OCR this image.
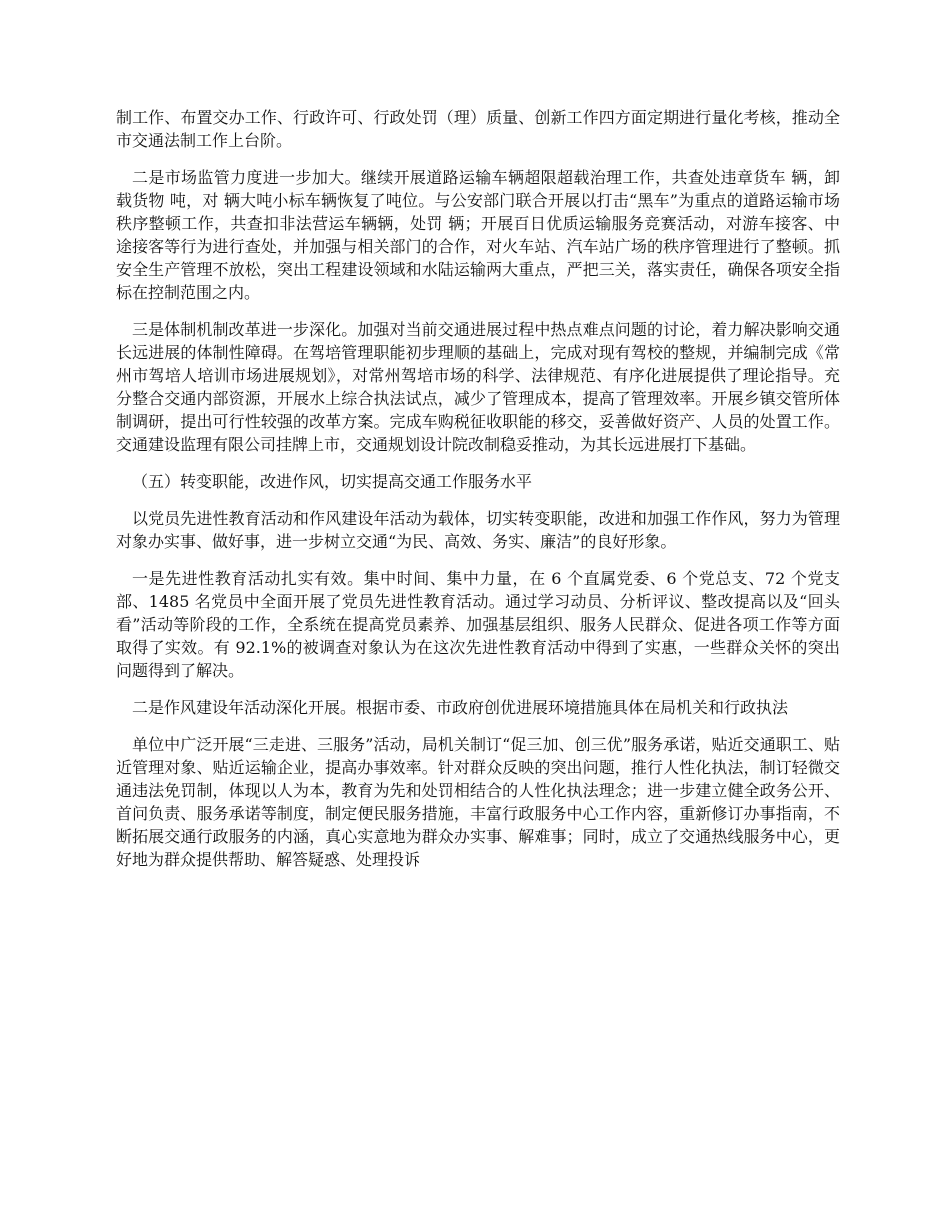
制工作、布置交办工作、行政许可、行政处罚（理）质量、创新工作四方面定期进行量化考核，推动全市交通法制工作上台阶。

二是市场监管力度进一步加大。继续开展道路运输车辆超限超载治理工作，共查处违章货车 辆，卸载货物 吨，对 辆大吨小标车辆恢复了吨位。与公安部门联合开展以打击“黑车”为重点的道路运输市场秩序整顿工作，共查扣非法营运车辆辆，处罚 辆；开展百日优质运输服务竞赛活动，对游车接客、中途接客等行为进行查处，并加强与相关部门的合作，对火车站、汽车站广场的秩序管理进行了整顿。抓安全生产管理不放松，突出工程建设领域和水陆运输两大重点，严把三关，落实责任，确保各项安全指标在控制范围之内。

三是体制机制改革进一步深化。加强对当前交通进展过程中热点难点问题的讨论，着力解决影响交通长远进展的体制性障碍。在驾培管理职能初步理顺的基础上，完成对现有驾校的整规，并编制完成《常州市驾培人培训市场进展规划》，对常州驾培市场的科学、法律规范、有序化进展提供了理论指导。充分整合交通内部资源，开展水上综合执法试点，减少了管理成本，提高了管理效率。开展乡镇交管所体制调研，提出可行性较强的改革方案。完成车购税征收职能的移交，妥善做好资产、人员的处置工作。交通建设监理有限公司挂牌上市，交通规划设计院改制稳妥推动，为其长远进展打下基础。

（五）转变职能，改进作风，切实提高交通工作服务水平

以党员先进性教育活动和作风建设年活动为载体，切实转变职能，改进和加强工作作风，努力为管理对象办实事、做好事，进一步树立交通“为民、高效、务实、廉洁”的良好形象。

一是先进性教育活动扎实有效。集中时间、集中力量，在 6 个直属党委、6 个党总支、72 个党支部、1485 名党员中全面开展了党员先进性教育活动。通过学习动员、分析评议、整改提高以及“回头看”活动等阶段的工作，全系统在提高党员素养、加强基层组织、服务人民群众、促进各项工作等方面取得了实效。有 92.1%的被调查对象认为在这次先进性教育活动中得到了实惠，一些群众关怀的突出问题得到了解决。

二是作风建设年活动深化开展。根据市委、市政府创优进展环境措施具体在局机关和行政执法

单位中广泛开展“三走进、三服务”活动，局机关制订“促三加、创三优”服务承诺，贴近交通职工、贴近管理对象、贴近运输企业，提高办事效率。针对群众反映的突出问题，推行人性化执法，制订轻微交通违法免罚制，体现以人为本，教育为先和处罚相结合的人性化执法理念；进一步建立健全政务公开、首问负责、服务承诺等制度，制定便民服务措施，丰富行政服务中心工作内容，重新修订办事指南，不断拓展交通行政服务的内涵，真心实意地为群众办实事、解难事；同时，成立了交通热线服务中心，更好地为群众提供帮助、解答疑惑、处理投诉
